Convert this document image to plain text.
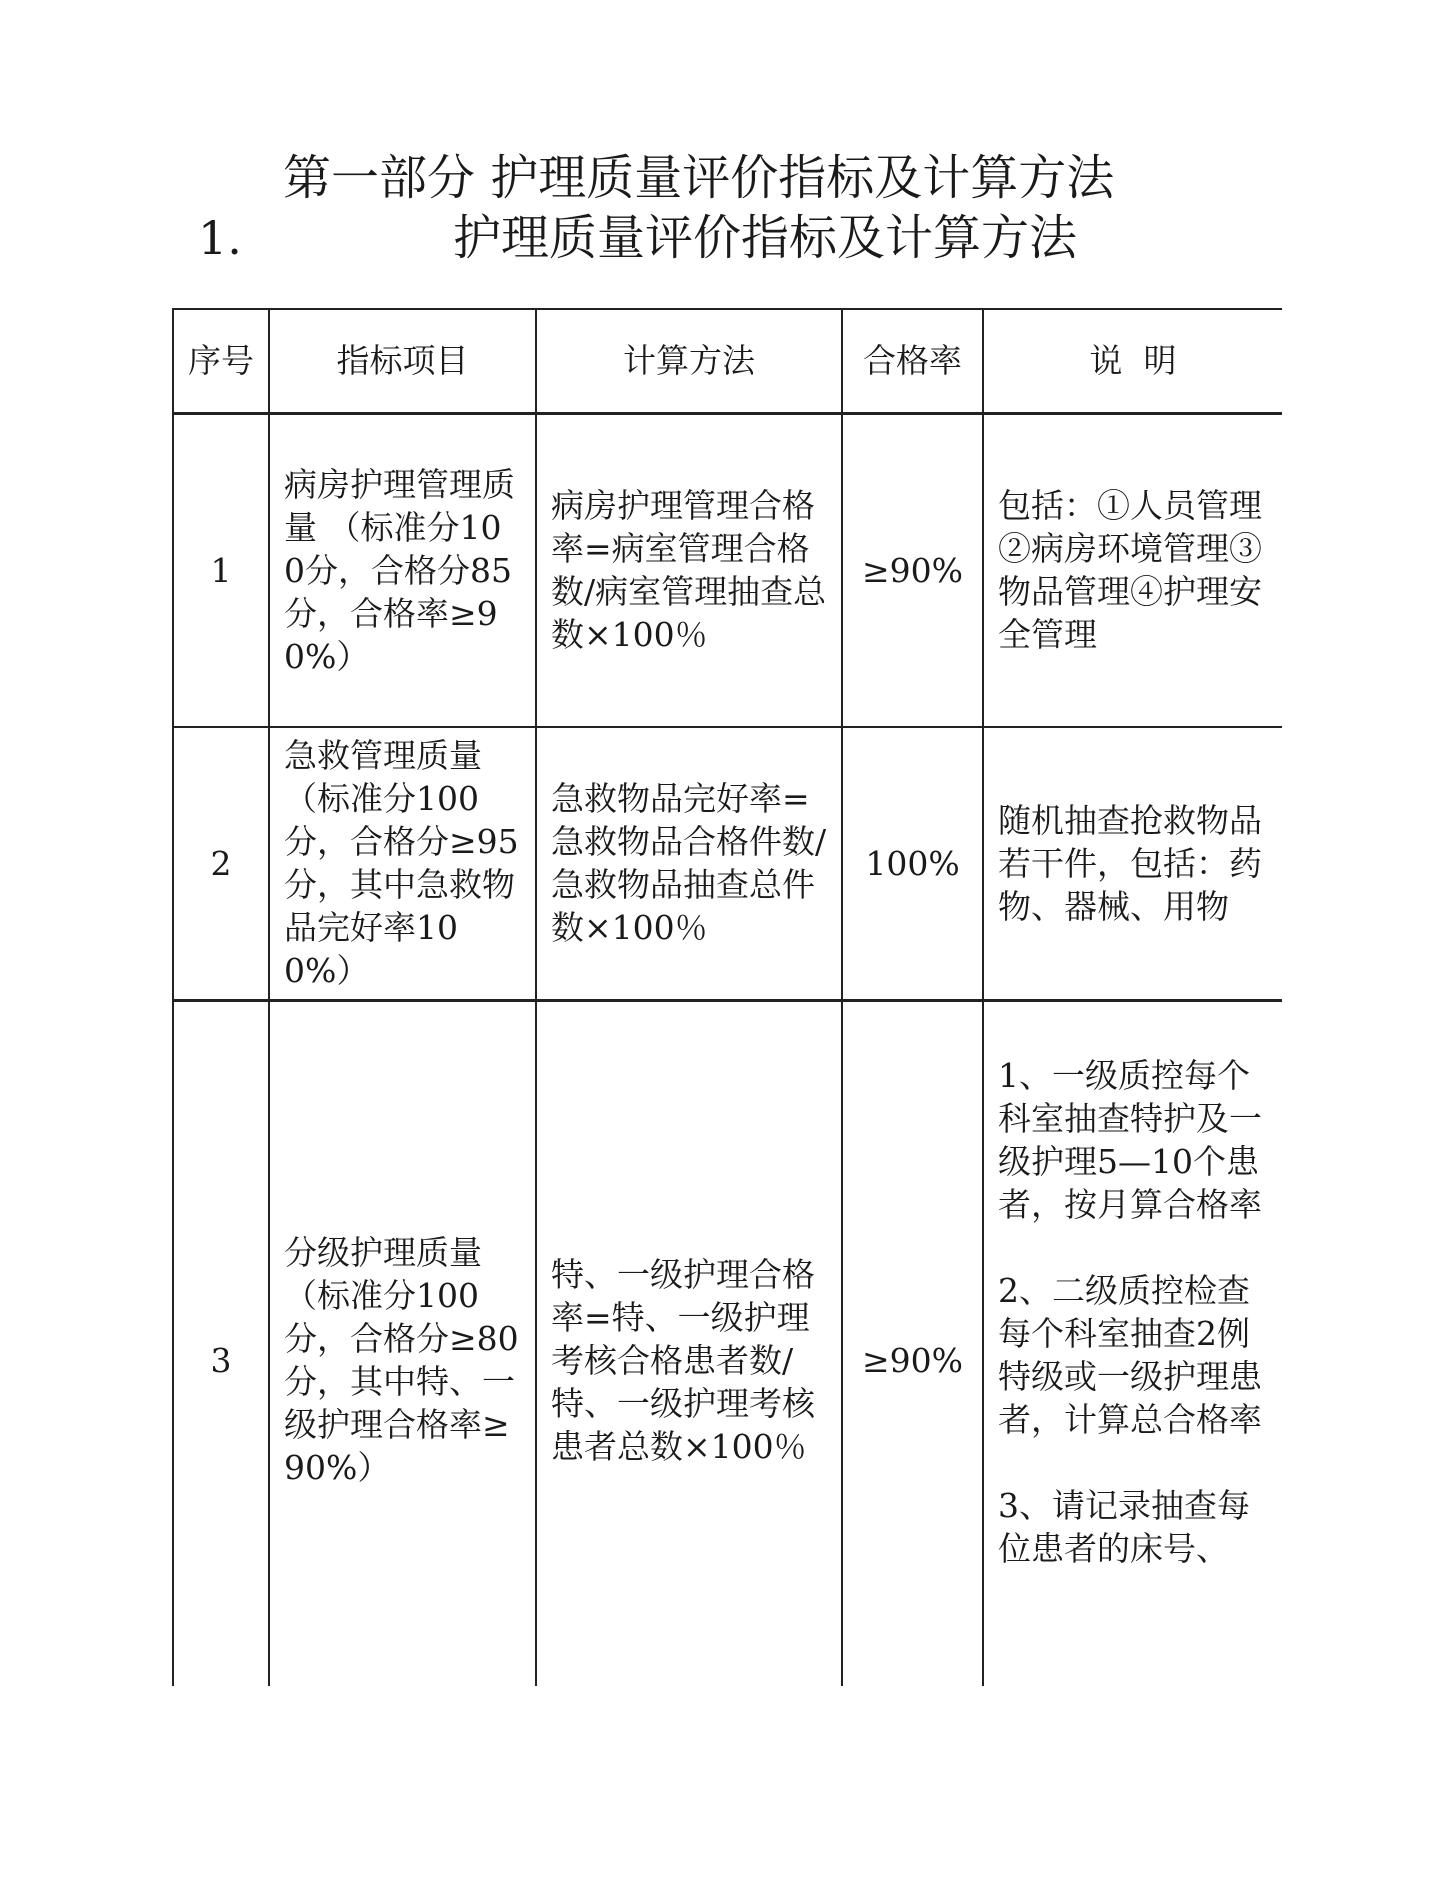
第一部分 护理质量评价指标及计算方法
1.	护理质量评价指标及计算方法
序号	指标项目	计算方法	合格率	说  明
1	病房护理管理质量 （标准分100分，合格分85分，合格率≥90%）	病房护理管理合格率=病室管理合格数/病室管理抽查总数×100％	≥90%	包括：①人员管理 ②病房环境管理③物品管理④护理安全管理

2	急救管理质量（标准分100分，合格分≥95分，其中急救物品完好率100%）	急救物品完好率=急救物品合格件数/急救物品抽查总件数×100％	100%	随机抽查抢救物品若干件，包括：药物、器械、用物

3	分级护理质量（标准分100分，合格分≥80分，其中特、一级护理合格率≥90%）	特、一级护理合格率=特、一级护理考核合格患者数/特、一级护理考核患者总数×100％	≥90%	1、一级质控每个科室抽查特护及一级护理5—10个患者，按月算合格率
2、二级质控检查每个科室抽查2例特级或一级护理患者，计算总合格率
3、请记录抽查每位患者的床号、
